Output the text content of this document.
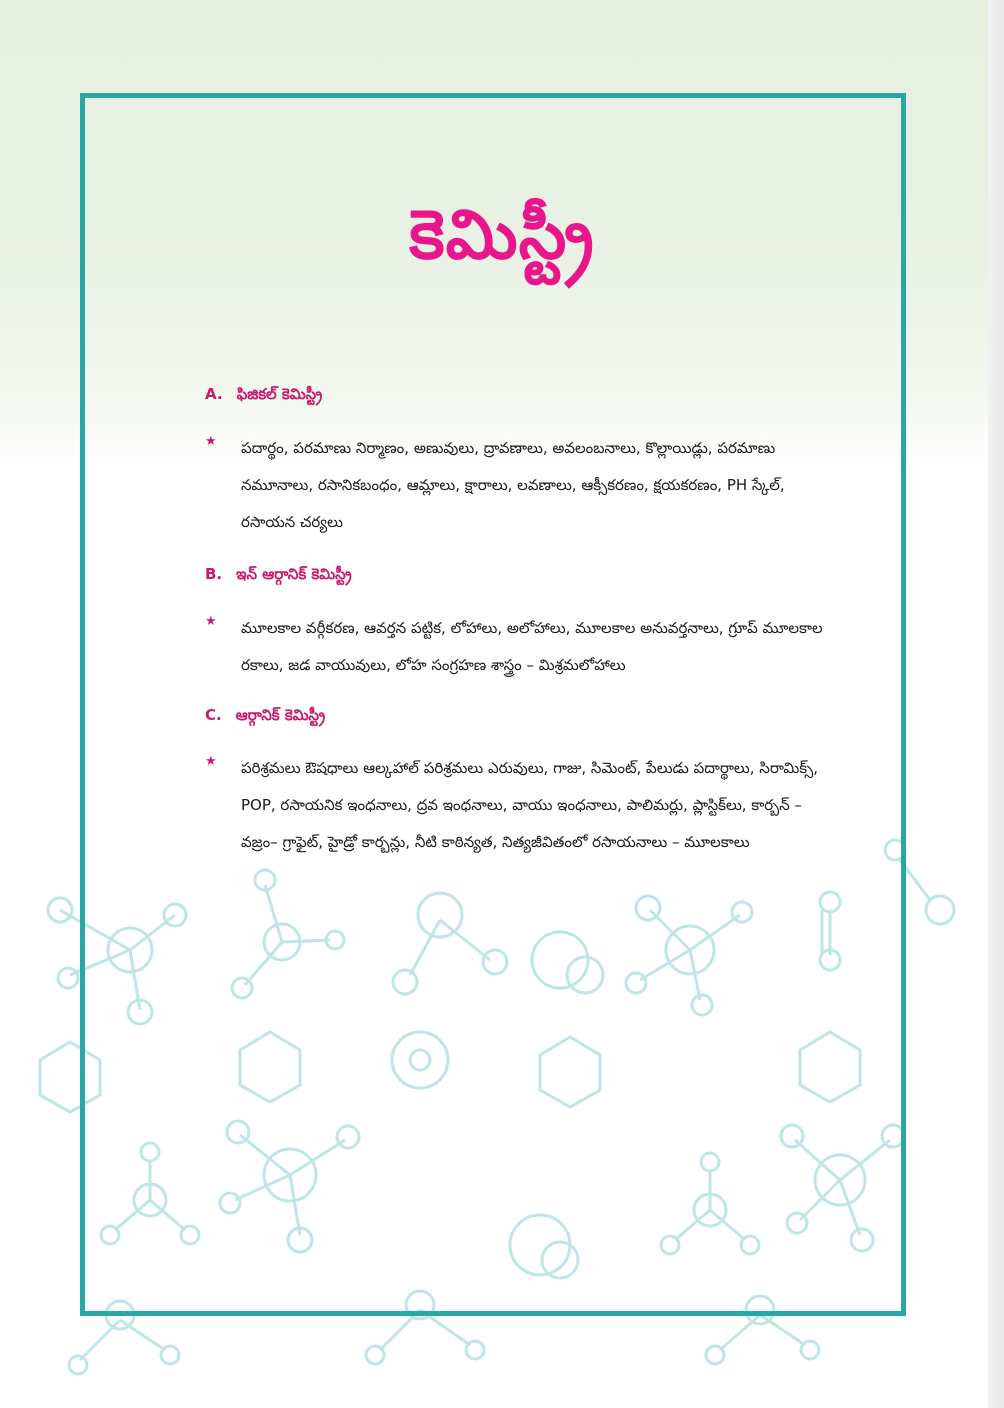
కెమిస్ట్రీ
A. ఫిజికల్ కెమిస్ట్రీ
★ పదార్థం, పరమాణు నిర్మాణం, అణువులు, ద్రావణాలు, అవలంబనాలు, కొల్లాయిడ్లు, పరమాణు నమూనాలు, రసానికబంధం, ఆమ్లాలు, క్షారాలు, లవణాలు, ఆక్సీకరణం, క్షయకరణం, PH స్కేల్, రసాయన చర్యలు
B. ఇన్ ఆర్గానిక్ కెమిస్ట్రీ
★ మూలకాల వర్గీకరణ, ఆవర్తన పట్టిక, లోహాలు, అలోహాలు, మూలకాల అనువర్తనాలు, గ్రూప్ మూలకాల రకాలు, జడ వాయువులు, లోహ సంగ్రహణ శాస్త్రం – మిశ్రమలోహాలు
C. ఆర్గానిక్ కెమిస్ట్రీ
★ పరిశ్రమలు ఔషధాలు ఆల్కహాల్ పరిశ్రమలు ఎరువులు, గాజు, సిమెంట్, పేలుడు పదార్థాలు, సిరామిక్స్, POP, రసాయనిక ఇంధనాలు, ద్రవ ఇంధనాలు, వాయు ఇంధనాలు, పాలిమర్లు, ప్లాస్టిక్‌లు, కార్బన్ – వజ్రం– గ్రాఫైట్, హైడ్రో కార్బన్లు, నీటి కాఠిన్యత, నిత్యజీవితంలో రసాయనాలు – మూలకాలు
